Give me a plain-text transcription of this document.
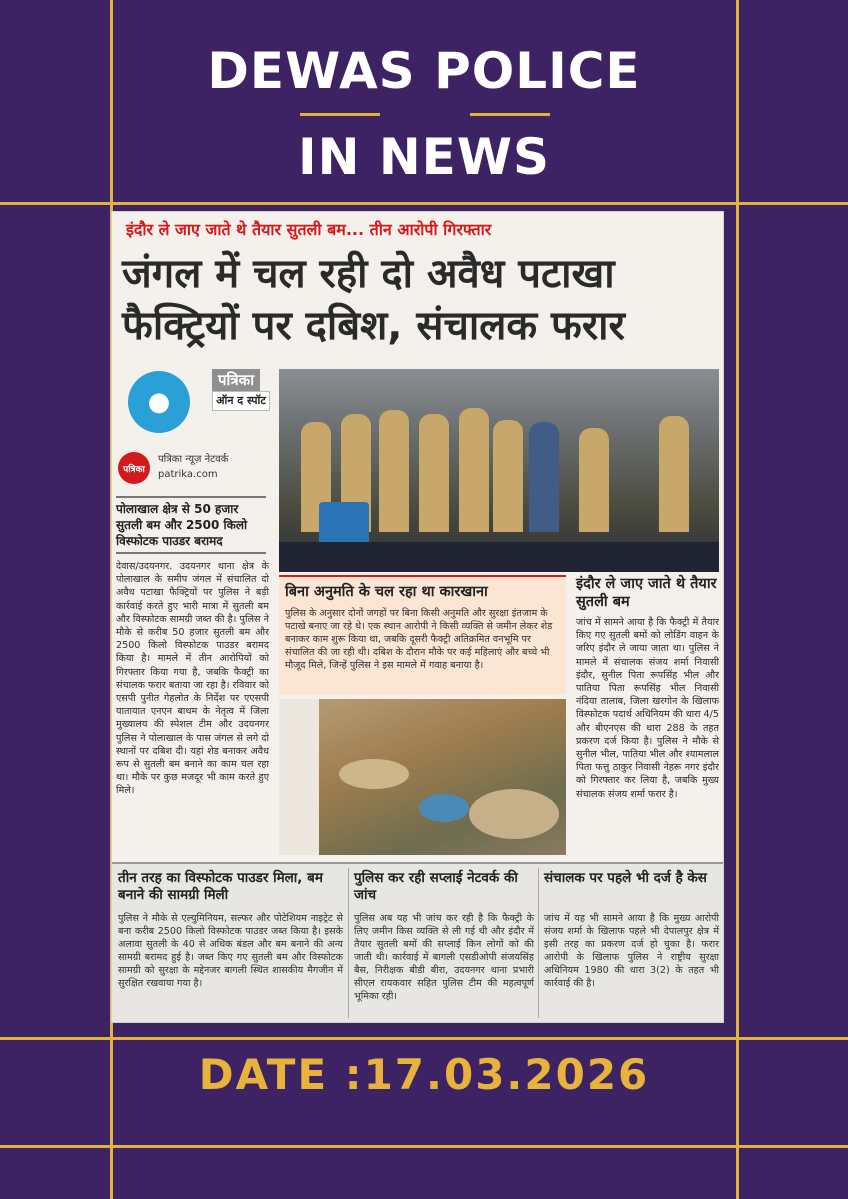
DEWAS POLICE
IN NEWS
इंदौर ले जाए जाते थे तैयार सुतली बम... तीन आरोपी गिरफ्तार
जंगल में चल रही दो अवैध पटाखा फैक्ट्रियों पर दबिश, संचालक फरार
●
पत्रिका
ऑन द स्पॉट
पत्रिका
पत्रिका न्यूज़ नेटवर्क
patrika.com
पोलाखाल क्षेत्र से 50 हजार सुतली बम और 2500 किलो विस्फोटक पाउडर बरामद
देवास/उदयनगर. उदयनगर थाना क्षेत्र के पोलाखाल के समीप जंगल में संचालित दो अवैध पटाखा फैक्ट्रियों पर पुलिस ने बड़ी कार्रवाई करते हुए भारी मात्रा में सुतली बम और विस्फोटक सामग्री जब्त की है। पुलिस ने मौके से करीब 50 हजार सुतली बम और 2500 किलो विस्फोटक पाउडर बरामद किया है। मामले में तीन आरोपियों को गिरफ्तार किया गया है, जबकि फैक्ट्री का संचालक फरार बताया जा रहा है। रविवार को एसपी पुनीत गेहलोत के निर्देश पर एएसपी यातायात एनएन बाथम के नेतृत्व में जिला मुख्यालय की स्पेशल टीम और उदयनगर पुलिस ने पोलाखाल के पास जंगल से लगे दो स्थानों पर दबिश दी। यहां शेड बनाकर अवैध रूप से सुतली बम बनाने का काम चल रहा था। मौके पर कुछ मजदूर भी काम करते हुए मिले।
बिना अनुमति के चल रहा था कारखाना
पुलिस के अनुसार दोनों जगहों पर बिना किसी अनुमति और सुरक्षा इंतजाम के पटाखे बनाए जा रहे थे। एक स्थान आरोपी ने किसी व्यक्ति से जमीन लेकर शेड बनाकर काम शुरू किया था, जबकि दूसरी फैक्ट्री अतिक्रमित वनभूमि पर संचालित की जा रही थी। दबिश के दौरान मौके पर कई महिलाएं और बच्चे भी मौजूद मिले, जिन्हें पुलिस ने इस मामले में गवाह बनाया है।
इंदौर ले जाए जाते थे तैयार सुतली बम
जांच में सामने आया है कि फैक्ट्री में तैयार किए गए सुतली बमों को लोडिंग वाहन के जरिए इंदौर ले जाया जाता था। पुलिस ने मामले में संचालक संजय शर्मा निवासी इंदौर, सुनील पिता रूपसिंह भील और पातिया पिता रूपसिंह भील निवासी नंदिया तालाब, जिला खरगोन के खिलाफ विस्फोटक पदार्थ अधिनियम की धारा 4/5 और बीएनएस की धारा 288 के तहत प्रकरण दर्ज किया है। पुलिस ने मौके से सुनील भील, पातिया भील और श्यामलाल पिता फत्तु ठाकुर निवासी नेहरू नगर इंदौर को गिरफ्तार कर लिया है, जबकि मुख्य संचालक संजय शर्मा फरार है।
तीन तरह का विस्फोटक पाउडर मिला, बम बनाने की सामग्री मिली
पुलिस ने मौके से एल्युमिनियम, सल्फर और पोटेशियम नाइट्रेट से बना करीब 2500 किलो विस्फोटक पाउडर जब्त किया है। इसके अलावा सुतली के 40 से अधिक बंडल और बम बनाने की अन्य सामग्री बरामद हुई है। जब्त किए गए सुतली बम और विस्फोटक सामग्री को सुरक्षा के मद्देनजर बागली स्थित शासकीय मैगजीन में सुरक्षित रखवाया गया है।
पुलिस कर रही सप्लाई नेटवर्क की जांच
पुलिस अब यह भी जांच कर रही है कि फैक्ट्री के लिए जमीन किस व्यक्ति से ली गई थी और इंदौर में तैयार सुतली बमों की सप्लाई किन लोगों को की जाती थी। कार्रवाई में बागली एसडीओपी संजयसिंह बैस, निरीक्षक बीडी बीरा, उदयनगर थाना प्रभारी सीएल रायकवार सहित पुलिस टीम की महत्वपूर्ण भूमिका रही।
संचालक पर पहले भी दर्ज है केस
जांच में यह भी सामने आया है कि मुख्य आरोपी संजय शर्मा के खिलाफ पहले भी देपालपुर क्षेत्र में इसी तरह का प्रकरण दर्ज हो चुका है। फरार आरोपी के खिलाफ पुलिस ने राष्ट्रीय सुरक्षा अधिनियम 1980 की धारा 3(2) के तहत भी कार्रवाई की है।
DATE :17.03.2026
